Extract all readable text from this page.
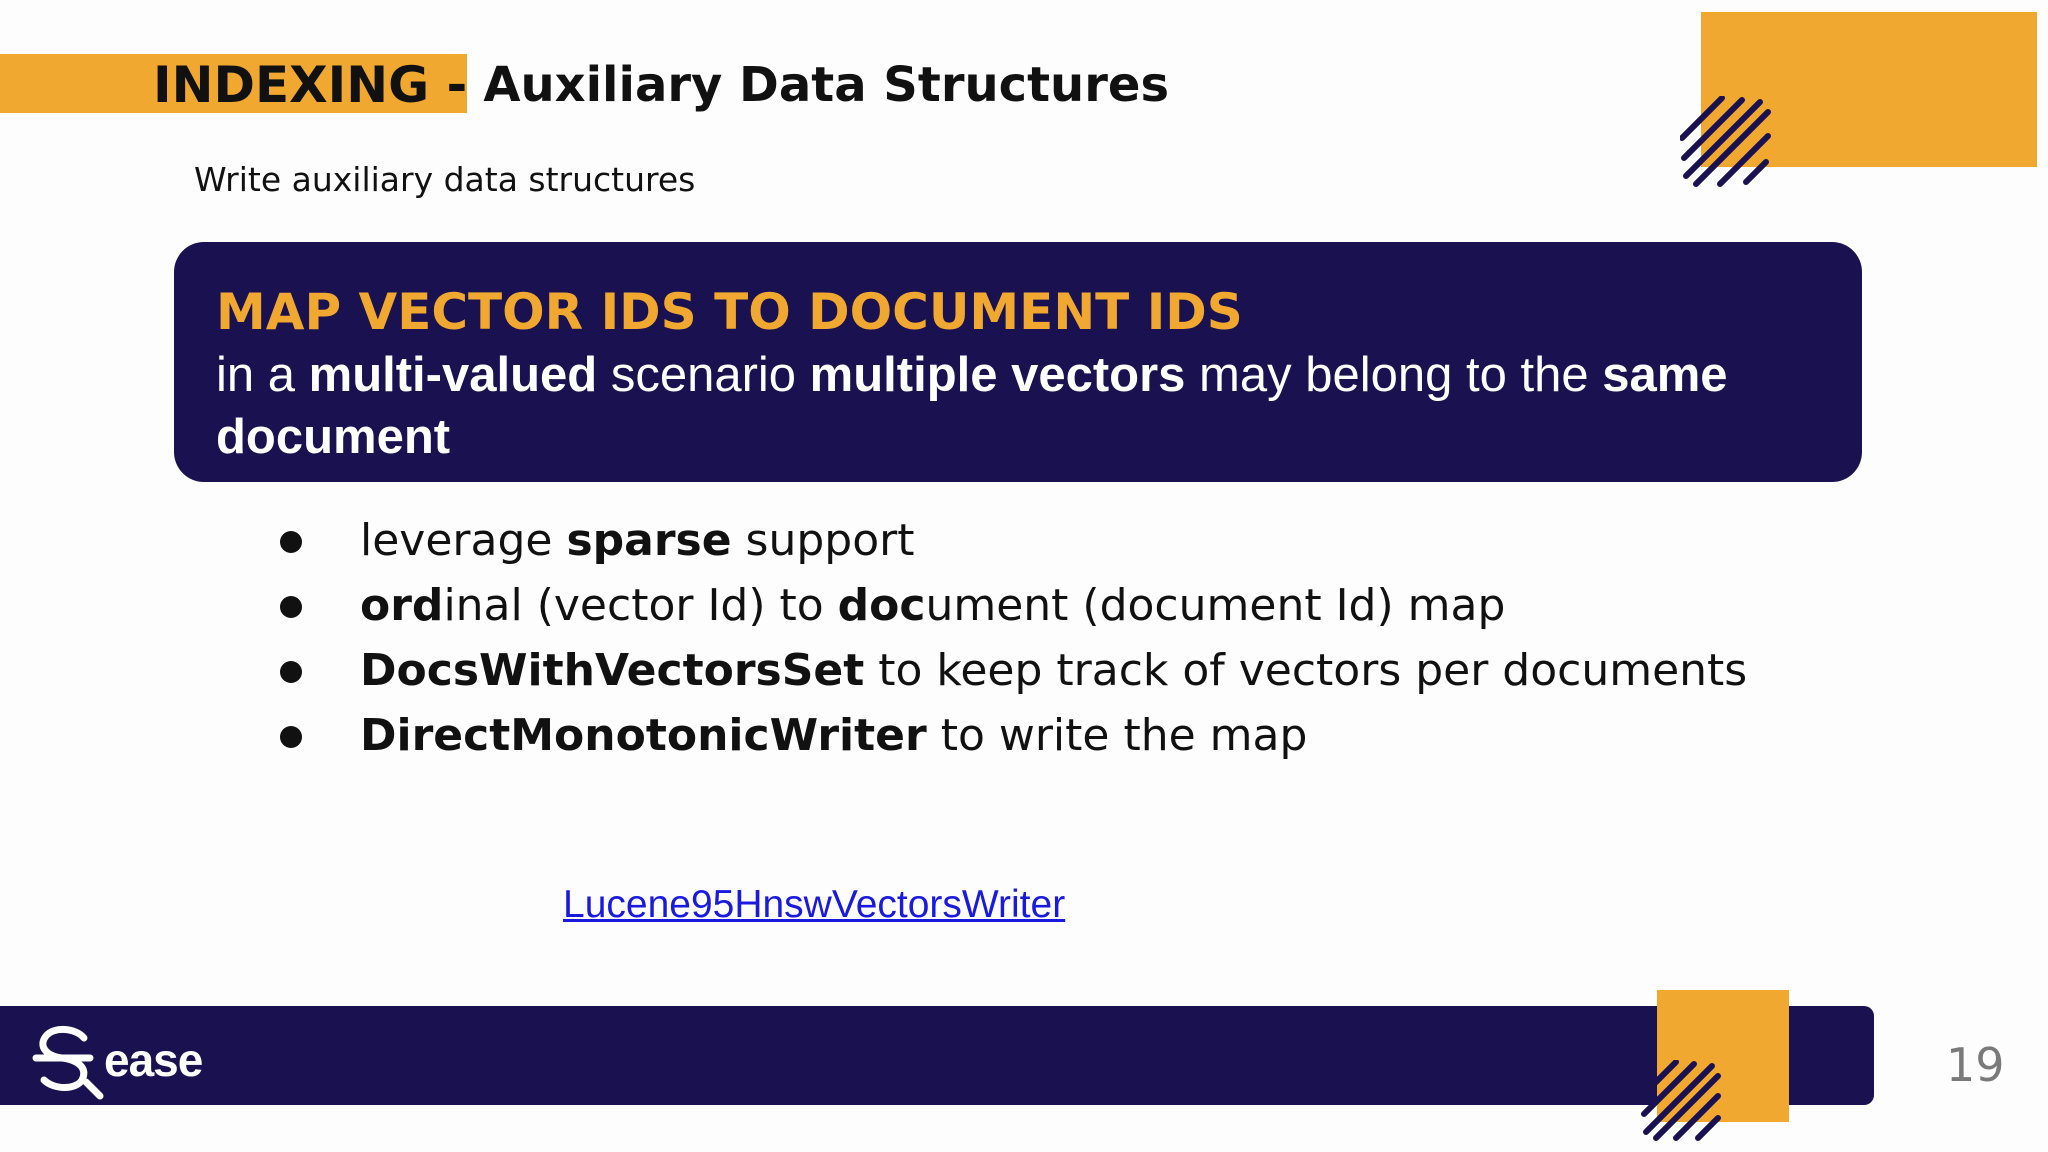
INDEXING - Auxiliary Data Structures
Write auxiliary data structures
MAP VECTOR IDS TO DOCUMENT IDS
in a multi-valued scenario multiple vectors may belong to the same document
leverage sparse support
ordinal (vector Id) to document (document Id) map
DocsWithVectorsSet to keep track of vectors per documents
DirectMonotonicWriter to write the map
Lucene95HnswVectorsWriter
ease	19
